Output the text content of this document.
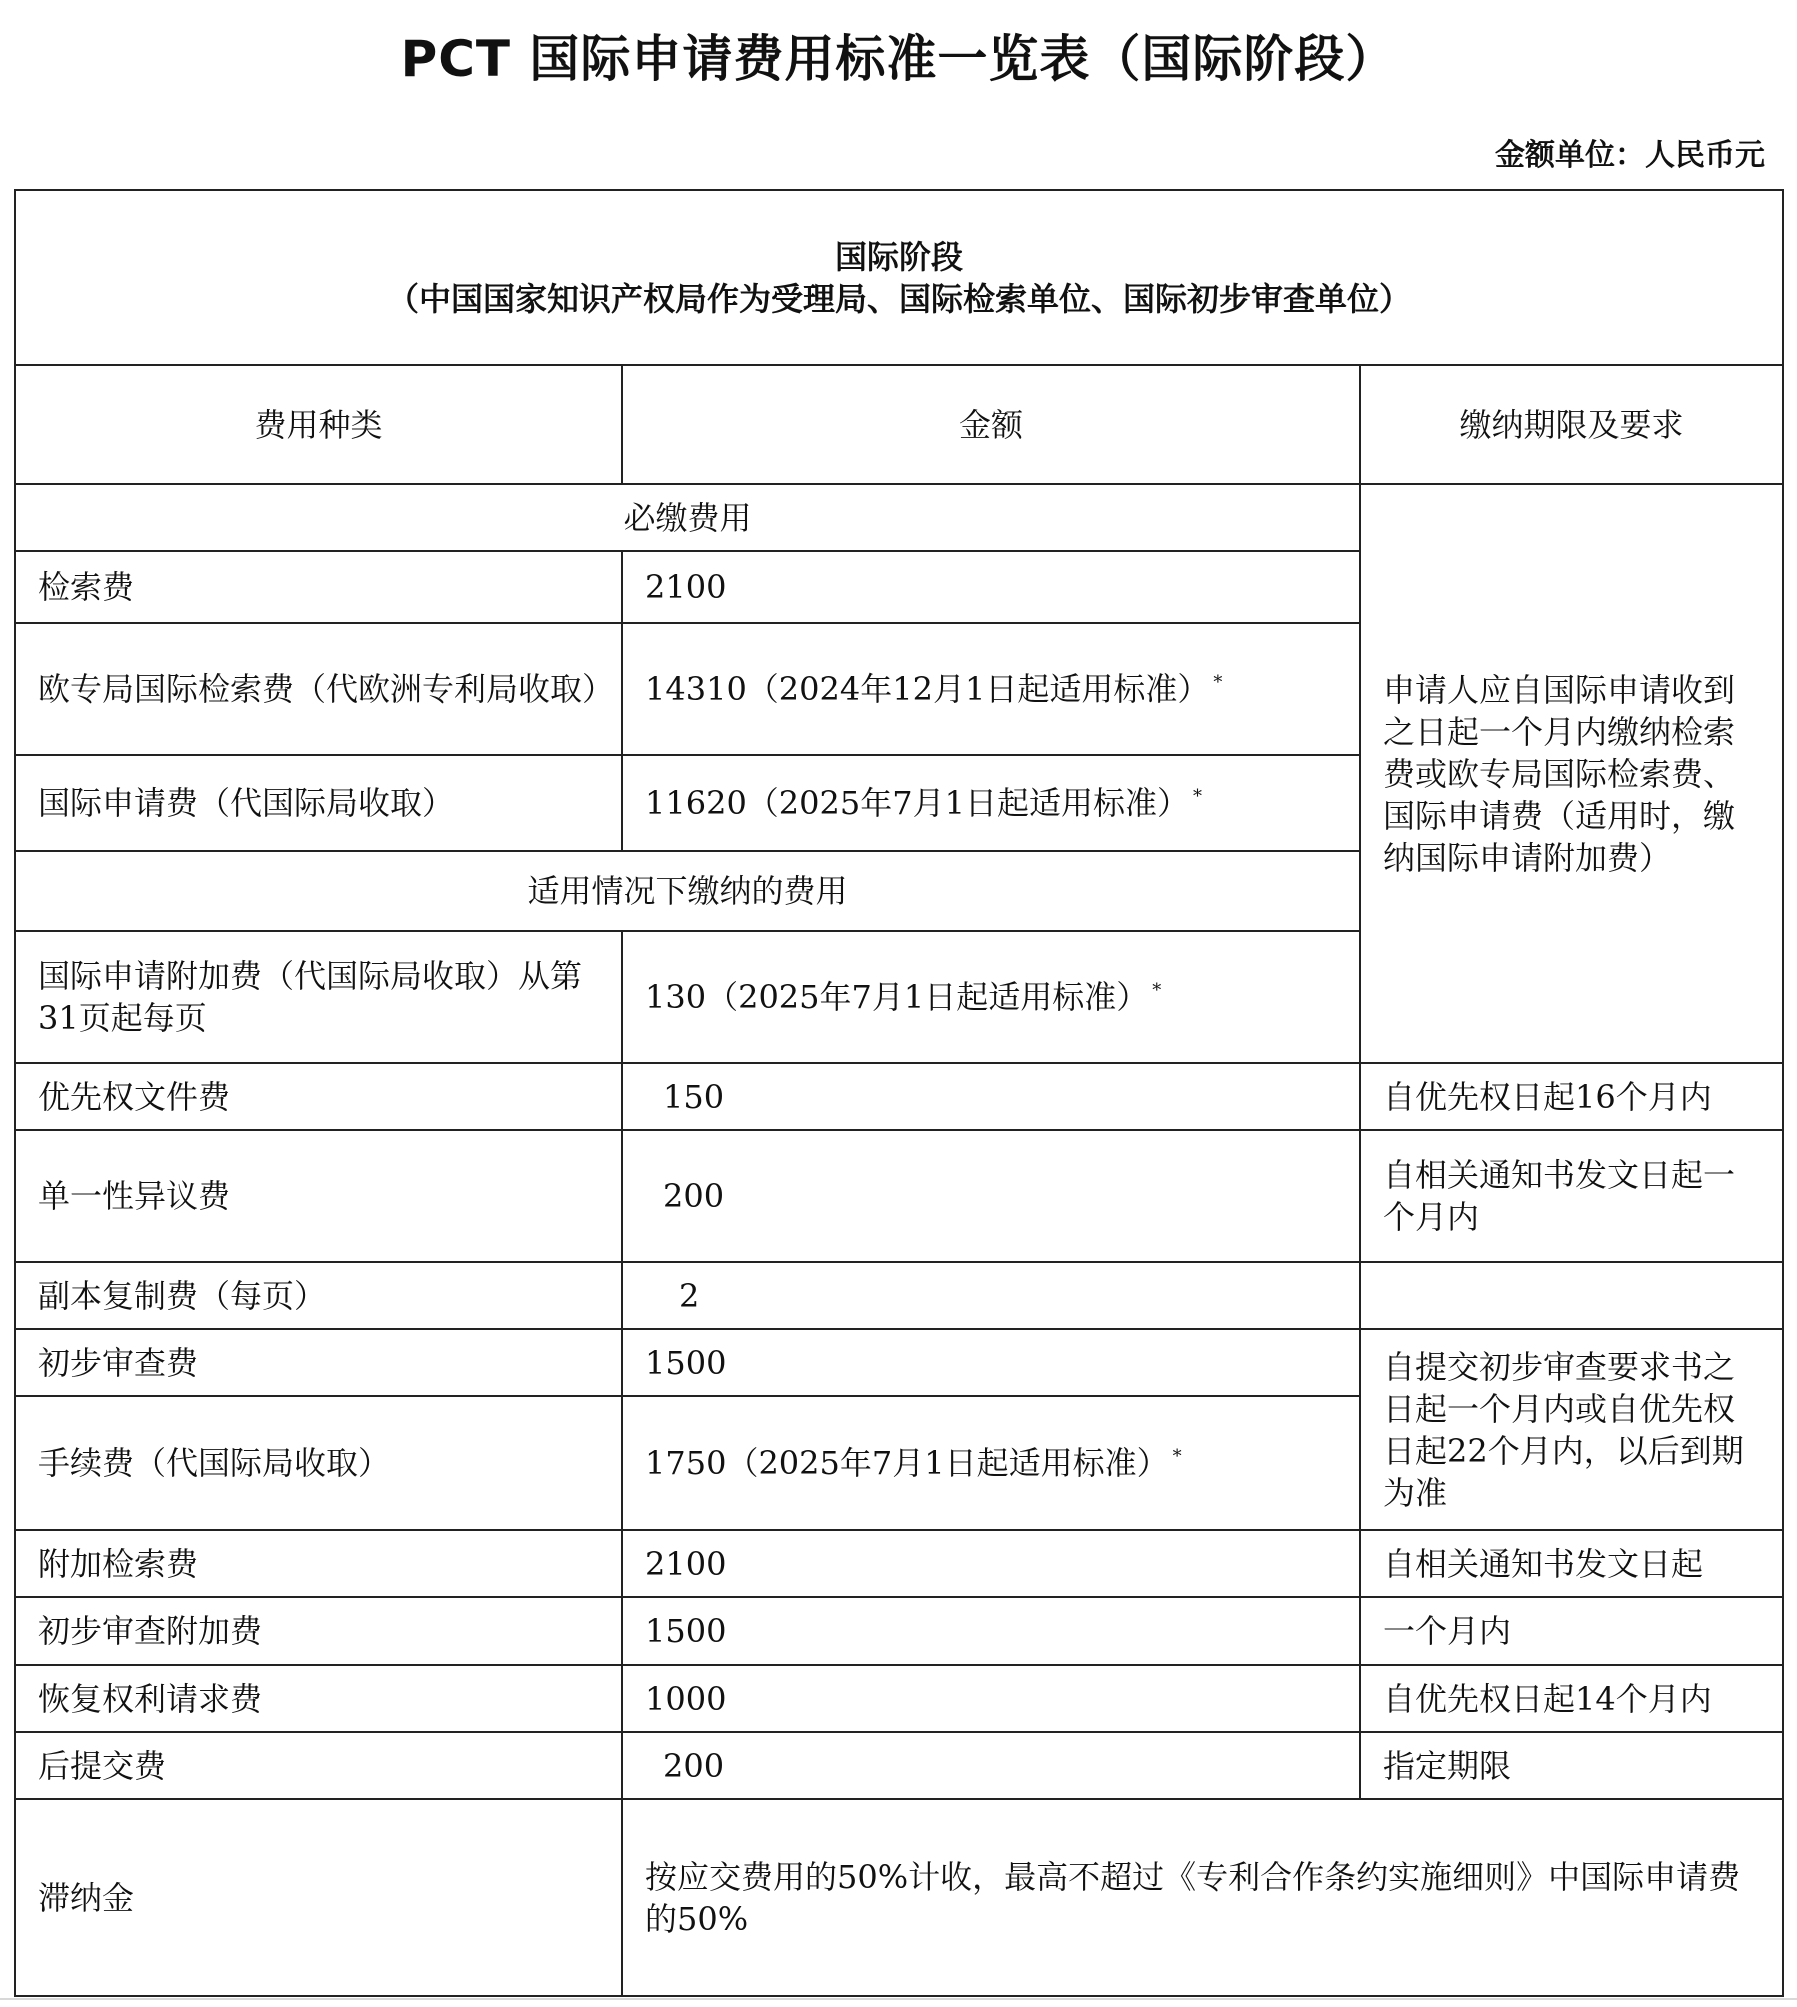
PCT 国际申请费用标准一览表（国际阶段）
金额单位：人民币元
国际阶段
（中国国家知识产权局作为受理局、国际检索单位、国际初步审查单位）		

费用种类	金额	缴纳期限及要求
必缴费用		申请人应自国际申请收到之日起一个月内缴纳检索费或欧专局国际检索费、国际申请费（适用时，缴纳国际申请附加费）
检索费	2100	
欧专局国际检索费（代欧洲专利局收取）	14310（2024年12月1日起适用标准） *
国际申请费（代国际局收取）	11620（2025年7月1日起适用标准） *
适用情况下缴纳的费用		
国际申请附加费（代国际局收取）从第31页起每页	130（2025年7月1日起适用标准） *
优先权文件费	150	自优先权日起16个月内
单一性异议费	200	自相关通知书发文日起一个月内
副本复制费（每页）	2	
初步审查费	1500	自提交初步审查要求书之日起一个月内或自优先权日起22个月内，以后到期为准
手续费（代国际局收取）	1750（2025年7月1日起适用标准） *
附加检索费	2100	自相关通知书发文日起
初步审查附加费	1500	一个月内
恢复权利请求费	1000	自优先权日起14个月内
后提交费	200	指定期限
滞纳金	按应交费用的50%计收，最高不超过《专利合作条约实施细则》中国际申请费的50%	
